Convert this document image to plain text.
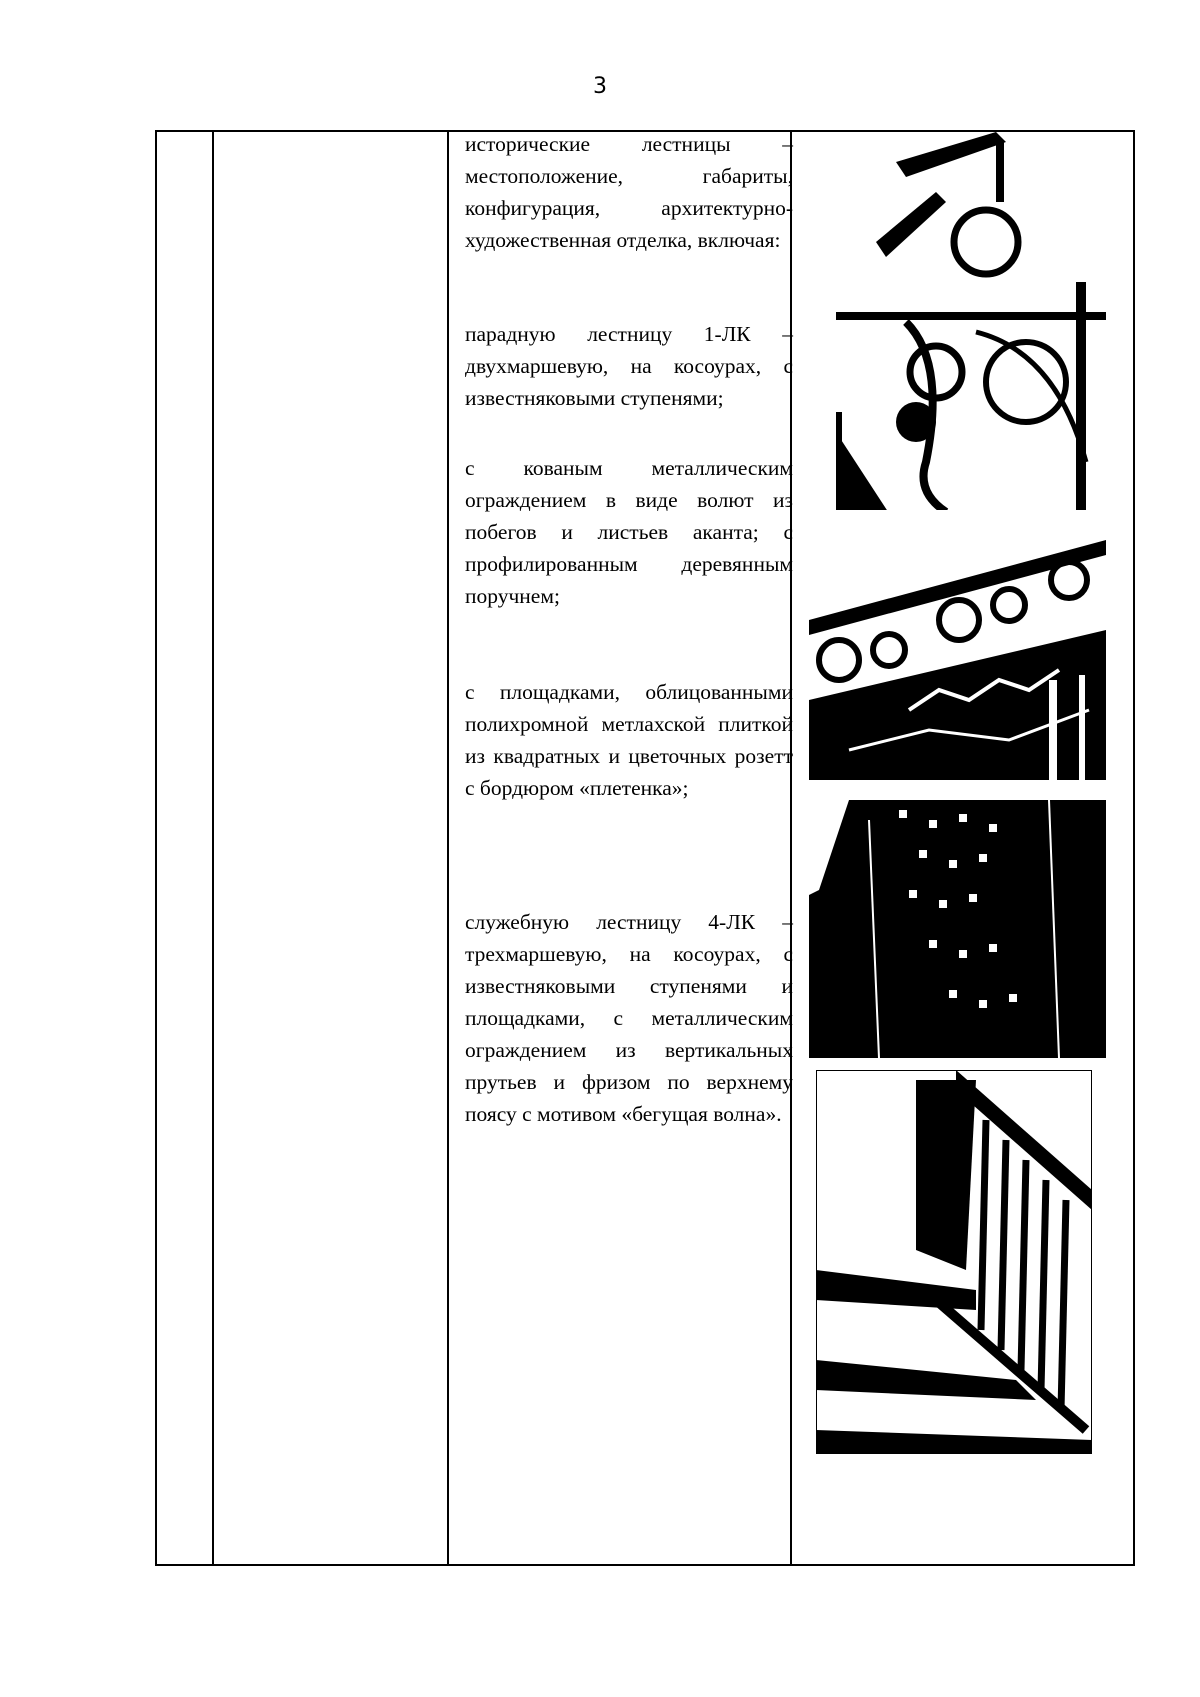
3

исторические лестницы – местоположение, габариты, конфигурация, архитектурно-художественная отделка, включая:

парадную лестницу 1-ЛК – двухмаршевую, на косоурах, с известняковыми ступенями;

с кованым металлическим ограждением в виде волют из побегов и листьев аканта; с профилированным деревянным поручнем;

с площадками, облицованными полихромной метлахской плиткой из квадратных и цветочных розетт с бордюром «плетенка»;

служебную лестницу 4-ЛК – трехмаршевую, на косоурах, с известняковыми ступенями и площадками, с металлическим ограждением из вертикальных прутьев и фризом по верхнему поясу с мотивом «бегущая волна».
